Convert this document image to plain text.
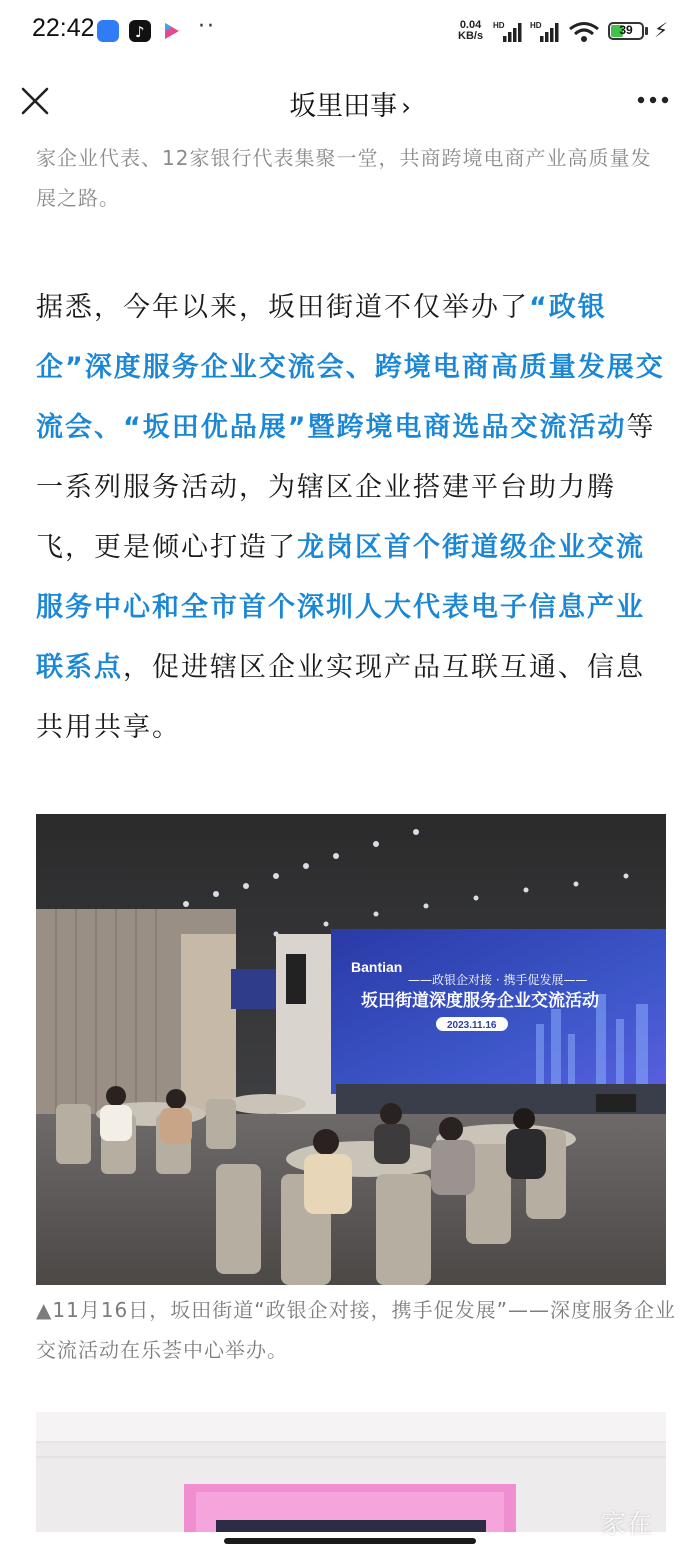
22:42	♪ ··	0.04
KB/s
HD	HD	39	⚡
坂里田事 ›

家企业代表、12家银行代表集聚一堂，共商跨境电商产业高质量发展之路。

据悉，今年以来，坂田街道不仅举办了“政银企”深度服务企业交流会、跨境电商高质量发展交流会、“坂田优品展”暨跨境电商选品交流活动等一系列服务活动，为辖区企业搭建平台助力腾飞，更是倾心打造了龙岗区首个街道级企业交流服务中心和全市首个深圳人大代表电子信息产业联系点，促进辖区企业实现产品互联互通、信息共用共享。
Bantian
——政银企对接 · 携手促发展——
坂田街道深度服务企业交流活动
2023.11.16
▲11月16日，坂田街道“政银企对接，携手促发展”——深度服务企业交流活动在乐荟中心举办。
家在
